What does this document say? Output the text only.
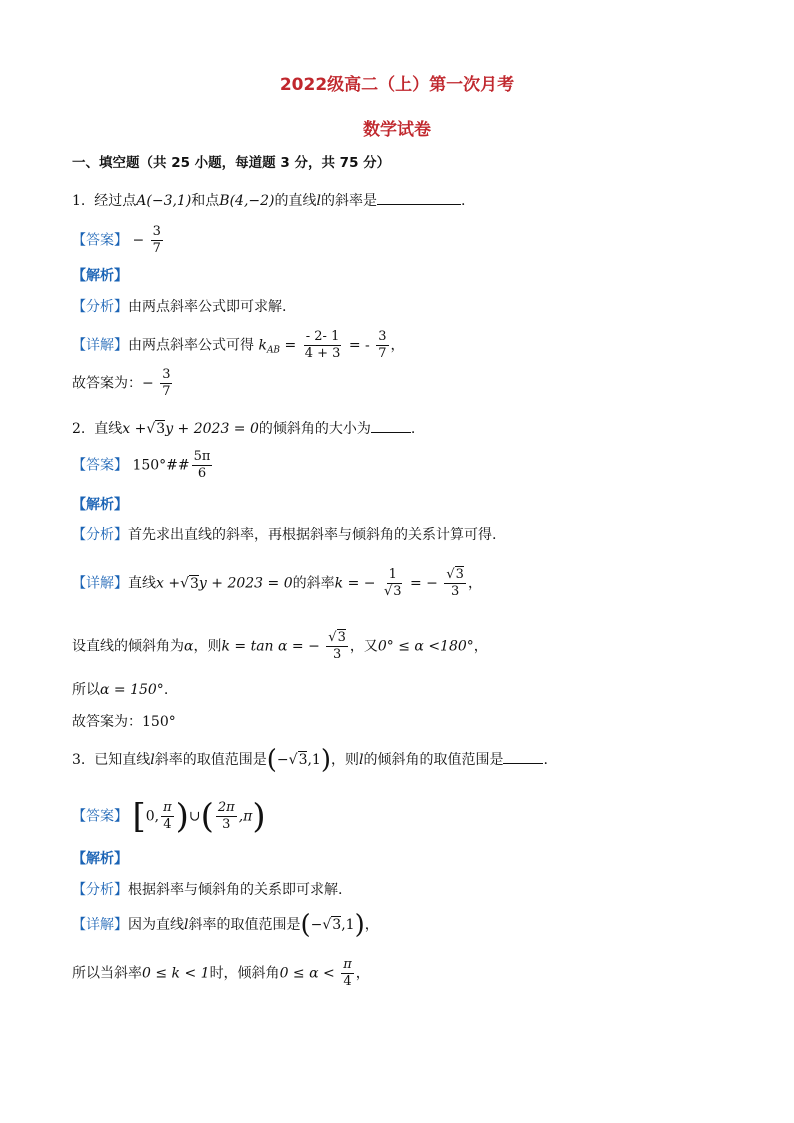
2022级高二（上）第一次月考
数学试卷
一、填空题（共 25 小题，每道题 3 分，共 75 分）
1. 经过点A(−3,1)和点B(4,−2)的直线l的斜率是	.
【答案】 − $\frac{3}{7}$
【解析】
【分析】由两点斜率公式即可求解.
【详解】由两点斜率公式可得 $k_{AB} = \frac{- 2- 1}{4 + 3}$ = - $\frac{3}{7}$ ，
故答案为：− $\frac{3}{7}$
2. 直线x +√3y + 2023 = 0的倾斜角的大小为	.
【答案】 150°## $\frac{5\pi}{6}$
【解析】
【分析】首先求出直线的斜率，再根据斜率与倾斜角的关系计算可得.
【详解】直线x +√3y + 2023 = 0的斜率k = − $\frac{1}{√3}$ = − $\frac{√3}{3}$ ，
设直线的倾斜角为α，则k = tan α = − $\frac{√3}{3}$ ，又0° ≤ α <180°，
所以α = 150°.
故答案为：150°
3. 已知直线l斜率的取值范围是(−√3,1)，则l的倾斜角的取值范围是	.
【答案】 [0, $\frac{\pi}{4}$ )∪( $\frac{2\pi}{3} ,\pi$)
【解析】
【分析】根据斜率与倾斜角的关系即可求解.
【详解】因为直线l斜率的取值范围是(−√3,1)，
所以当斜率0 ≤ k < 1时，倾斜角$0 \le \alpha < \frac{\pi}{4}$ ，
